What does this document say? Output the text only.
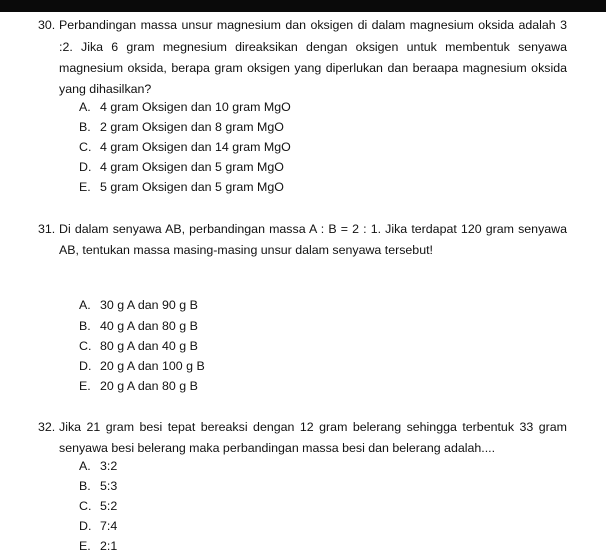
30. Perbandingan massa unsur magnesium dan oksigen di dalam magnesium oksida adalah 3
:2. Jika 6 gram megnesium direaksikan dengan oksigen untuk membentuk senyawa
magnesium oksida, berapa gram oksigen yang diperlukan dan beraapa magnesium oksida
yang dihasilkan?
A. 4 gram Oksigen dan 10 gram MgO
B. 2 gram Oksigen dan 8 gram MgO
C. 4 gram Oksigen dan 14 gram MgO
D. 4 gram Oksigen dan 5 gram MgO
E. 5 gram Oksigen dan 5 gram MgO
31. Di dalam senyawa AB, perbandingan massa A : B = 2 : 1. Jika terdapat 120 gram senyawa
AB, tentukan massa masing-masing unsur dalam senyawa tersebut!
A. 30 g A dan 90 g B
B. 40 g A dan 80 g B
C. 80 g A dan 40 g B
D. 20 g A dan 100 g B
E. 20 g A dan 80 g B
32. Jika 21 gram besi tepat bereaksi dengan 12 gram belerang sehingga terbentuk 33 gram
senyawa besi belerang maka perbandingan massa besi dan belerang adalah....
A. 3:2
B. 5:3
C. 5:2
D. 7:4
E. 2:1
